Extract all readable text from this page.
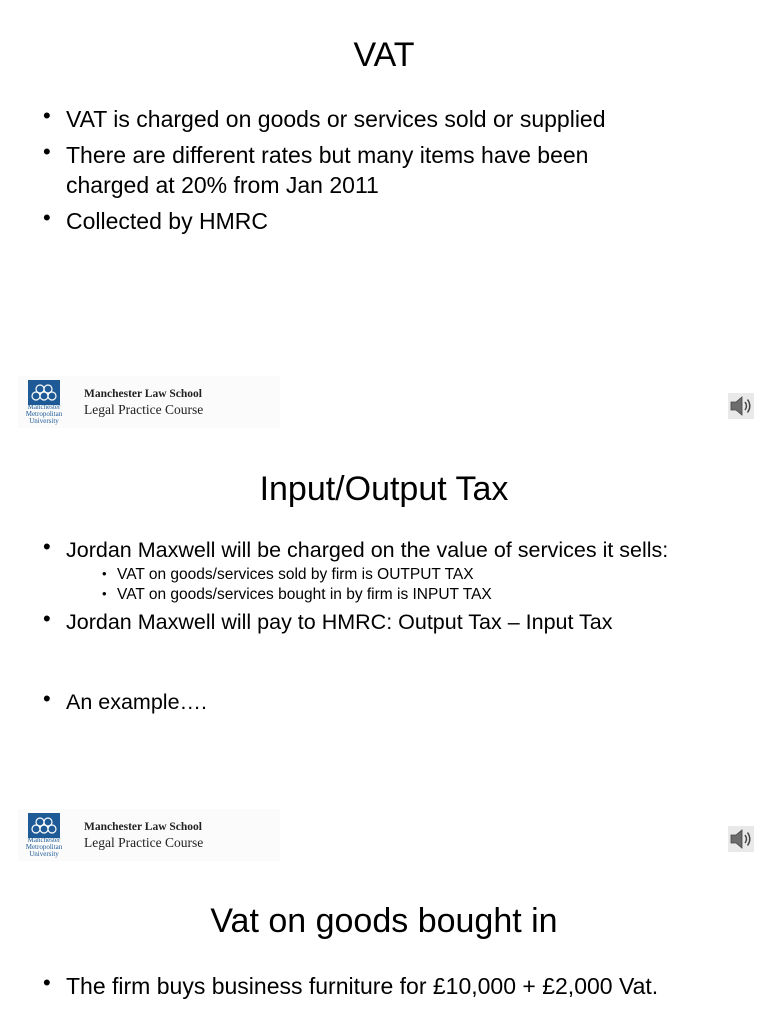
VAT
• VAT is charged on goods or services sold or supplied
• There are different rates but many items have been charged at 20% from Jan 2011
• Collected by HMRC
Manchester Metropolitan University
Manchester Law School
Legal Practice Course
Input/Output Tax
• Jordan Maxwell will be charged on the value of services it sells:
• VAT on goods/services sold by firm is OUTPUT TAX
• VAT on goods/services bought in by firm is INPUT TAX
• Jordan Maxwell will pay to HMRC: Output Tax – Input Tax
• An example….
Manchester Metropolitan University
Manchester Law School
Legal Practice Course
Vat on goods bought in
• The firm buys business furniture for £10,000 + £2,000 Vat.
